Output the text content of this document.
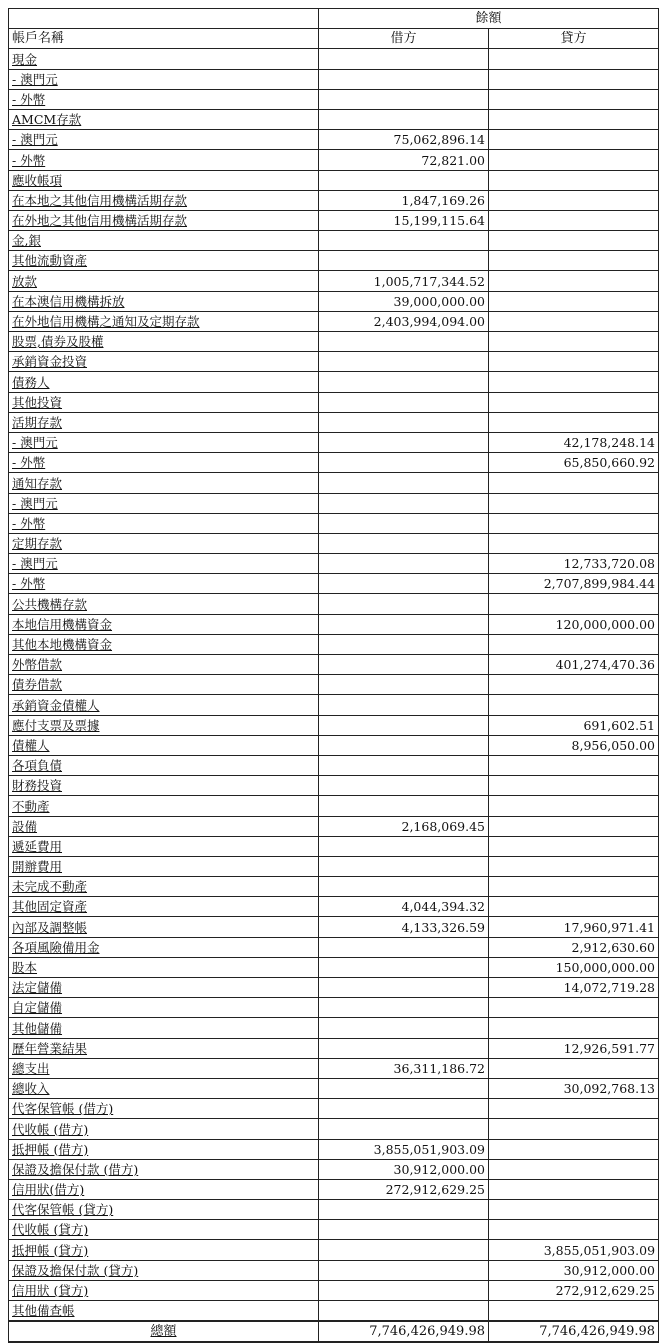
	餘額	
帳戶名稱	借方	貸方
現金		
- 澳門元		
- 外幣		
AMCM存款		
- 澳門元	75,062,896.14	
- 外幣	72,821.00	
應收帳項		
在本地之其他信用機構活期存款	1,847,169.26	
在外地之其他信用機構活期存款	15,199,115.64	
金,銀		
其他流動資產		
放款	1,005,717,344.52	
在本澳信用機構拆放	39,000,000.00	
在外地信用機構之通知及定期存款	2,403,994,094.00	
股票,債券及股權		
承銷資金投資		
債務人		
其他投資		
活期存款		
- 澳門元		42,178,248.14
- 外幣		65,850,660.92
通知存款		
- 澳門元		
- 外幣		
定期存款		
- 澳門元		12,733,720.08
- 外幣		2,707,899,984.44
公共機構存款		
本地信用機構資金		120,000,000.00
其他本地機構資金		
外幣借款		401,274,470.36
債券借款		
承銷資金債權人		
應付支票及票據		691,602.51
債權人		8,956,050.00
各項負債		
財務投資		
不動產		
設備	2,168,069.45	
遞延費用		
開辦費用		
未完成不動產		
其他固定資產	4,044,394.32	
內部及調整帳	4,133,326.59	17,960,971.41
各項風險備用金		2,912,630.60
股本		150,000,000.00
法定儲備		14,072,719.28
自定儲備		
其他儲備		
歷年營業結果		12,926,591.77
總支出	36,311,186.72	
總收入		30,092,768.13
代客保管帳 (借方)		
代收帳 (借方)		
抵押帳 (借方)	3,855,051,903.09	
保證及擔保付款 (借方)	30,912,000.00	
信用狀(借方)	272,912,629.25	
代客保管帳 (貸方)		
代收帳 (貸方)		
抵押帳 (貸方)		3,855,051,903.09
保證及擔保付款 (貸方)		30,912,000.00
信用狀 (貸方)		272,912,629.25
其他備查帳		
總額	7,746,426,949.98	7,746,426,949.98
